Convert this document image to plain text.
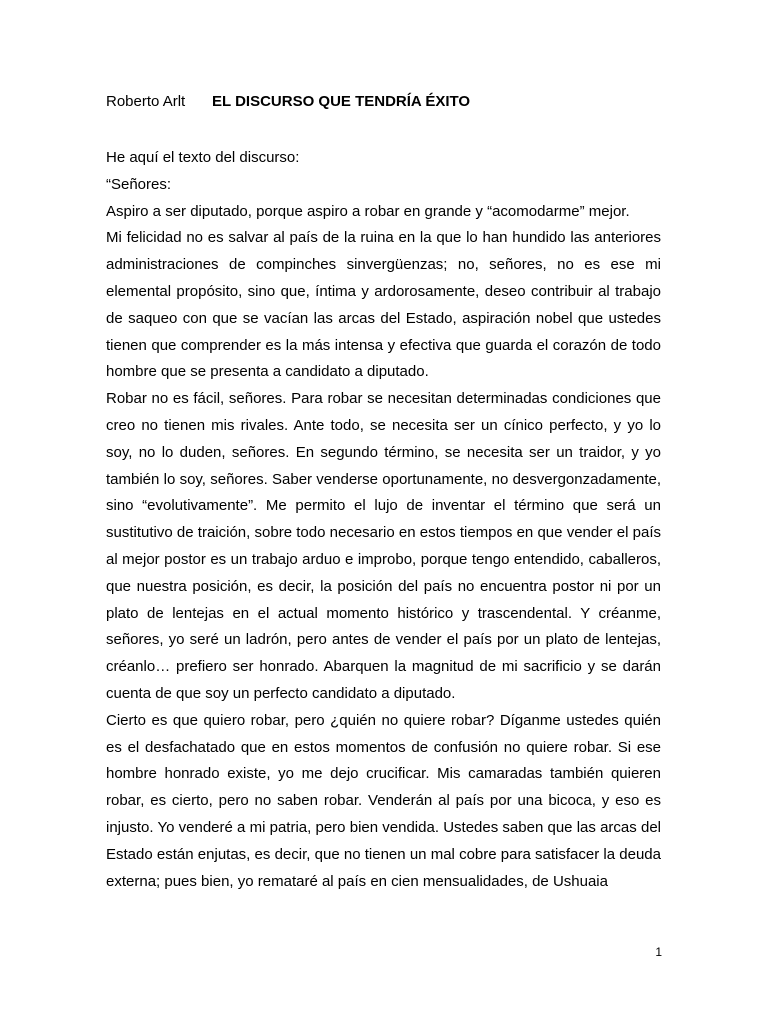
Roberto Arlt EL DISCURSO QUE TENDRÍA ÉXITO

He aquí el texto del discurso:

“Señores:

Aspiro a ser diputado, porque aspiro a robar en grande y “acomodarme” mejor.

Mi felicidad no es salvar al país de la ruina en la que lo han hundido las anteriores administraciones de compinches sinvergüenzas; no, señores, no es ese mi elemental propósito, sino que, íntima y ardorosamente, deseo contribuir al trabajo de saqueo con que se vacían las arcas del Estado, aspiración nobel que ustedes tienen que comprender es la más intensa y efectiva que guarda el corazón de todo hombre que se presenta a candidato a diputado.

Robar no es fácil, señores. Para robar se necesitan determinadas condiciones que creo no tienen mis rivales. Ante todo, se necesita ser un cínico perfecto, y yo lo soy, no lo duden, señores. En segundo término, se necesita ser un traidor, y yo también lo soy, señores. Saber venderse oportunamente, no desvergonzadamente, sino “evolutivamente”. Me permito el lujo de inventar el término que será un sustitutivo de traición, sobre todo necesario en estos tiempos en que vender el país al mejor postor es un trabajo arduo e improbo, porque tengo entendido, caballeros, que nuestra posición, es decir, la posición del país no encuentra postor ni por un plato de lentejas en el actual momento histórico y trascendental. Y créanme, señores, yo seré un ladrón, pero antes de vender el país por un plato de lentejas, créanlo… prefiero ser honrado. Abarquen la magnitud de mi sacrificio y se darán cuenta de que soy un perfecto candidato a diputado.

Cierto es que quiero robar, pero ¿quién no quiere robar? Díganme ustedes quién es el desfachatado que en estos momentos de confusión no quiere robar. Si ese hombre honrado existe, yo me dejo crucificar. Mis camaradas también quieren robar, es cierto, pero no saben robar. Venderán al país por una bicoca, y eso es injusto. Yo venderé a mi patria, pero bien vendida. Ustedes saben que las arcas del Estado están enjutas, es decir, que no tienen un mal cobre para satisfacer la deuda externa; pues bien, yo remataré al país en cien mensualidades, de Ushuaia

1
